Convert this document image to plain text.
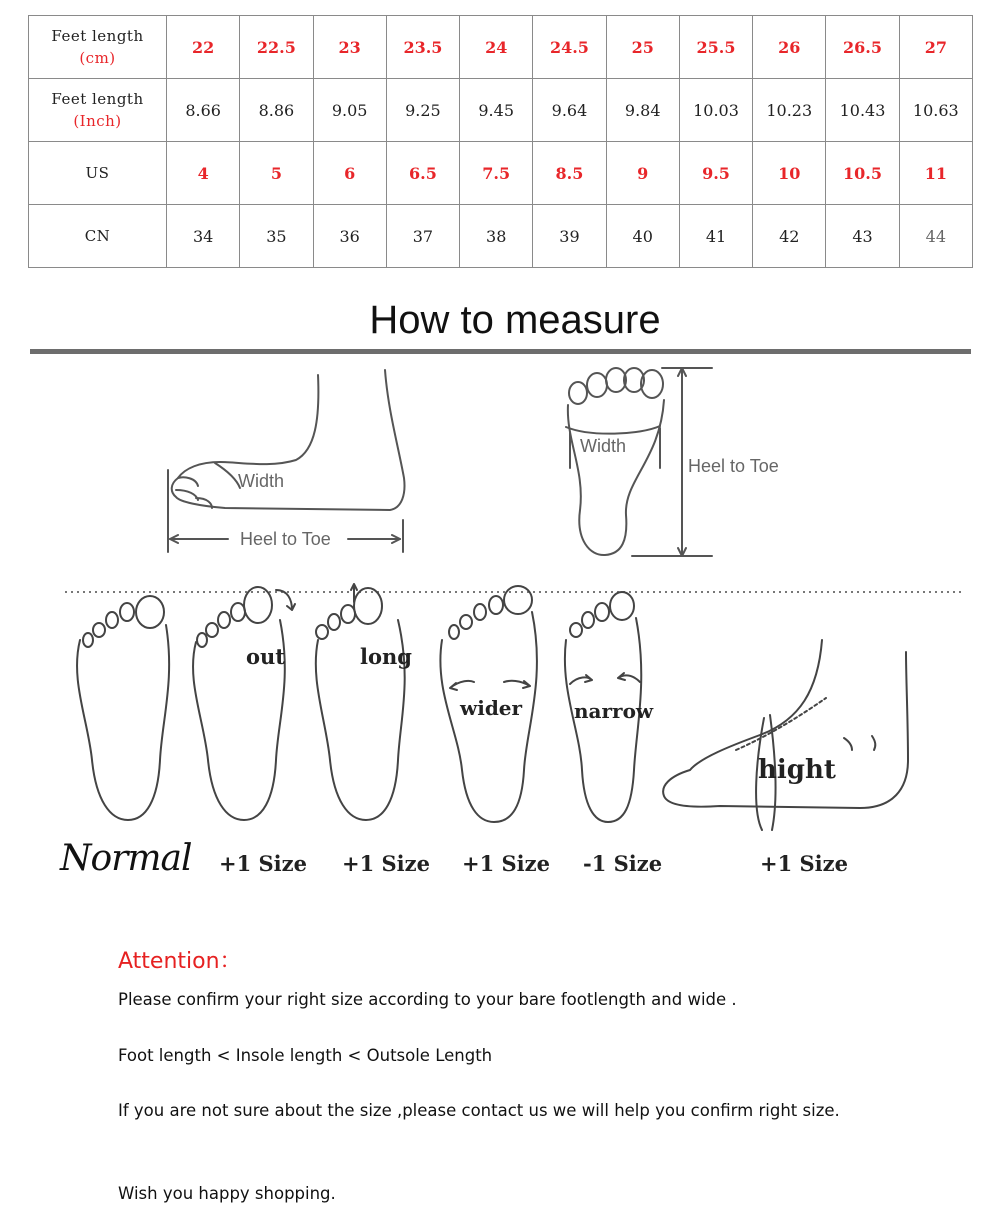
Feet length
(cm)	22	22.5	23	23.5	24	24.5	25	25.5	26	26.5	27
Feet length
(Inch)	8.66	8.86	9.05	9.25	9.45	9.64	9.84	10.03	10.23	10.43	10.63
US	4	5	6	6.5	7.5	8.5	9	9.5	10	10.5	11
CN	34	35	36	37	38	39	40	41	42	43	44
How to measure
Width
Heel to Toe
Width
Heel to Toe
out	long
wider	narrow
hight
Normal +1 Size +1 Size +1 Size -1 Size	+1 Size
Attention：
Please confirm your right size according to your bare footlength and wide .
Foot length < Insole length < Outsole Length
If you are not sure about the size ,please contact us we will help you confirm right size.
Wish you happy shopping.
